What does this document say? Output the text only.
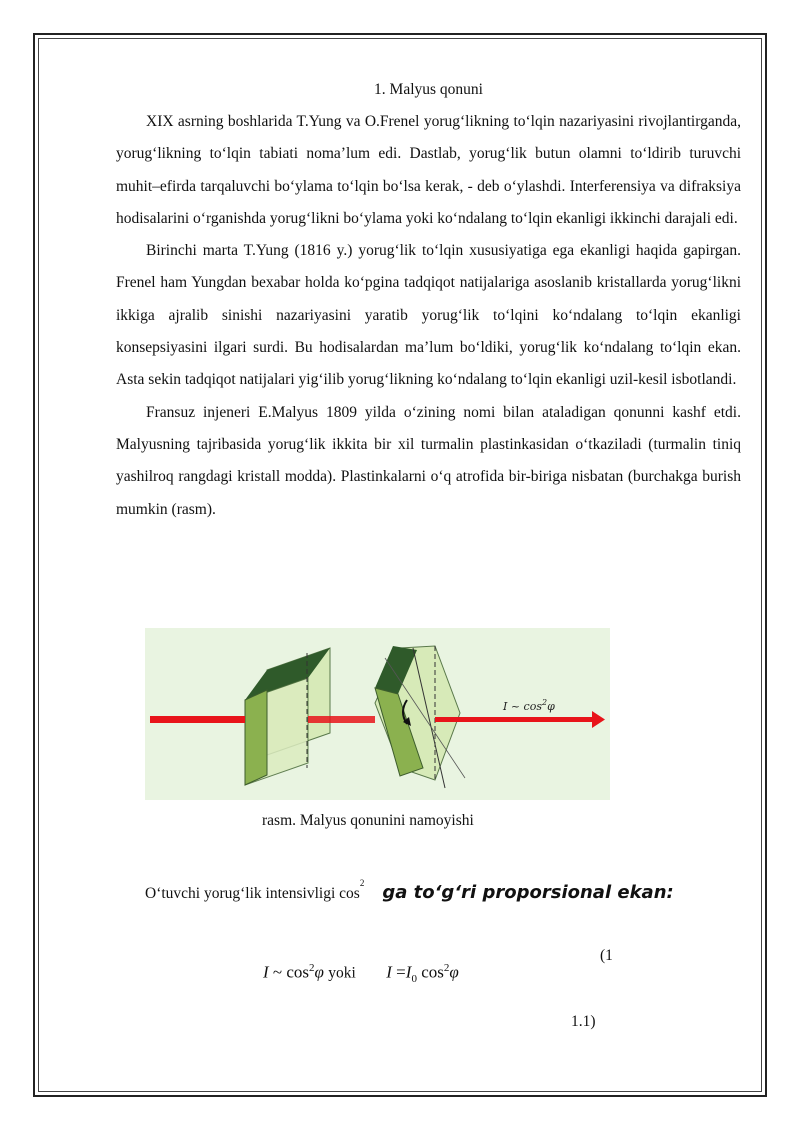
1. Malyus qonuni

XIX asrning boshlarida T.Yung va O.Frenel yorug‘likning to‘lqin nazariyasini rivojlantirganda, yorug‘likning to‘lqin tabiati noma’lum edi. Dastlab, yorug‘lik butun olamni to‘ldirib turuvchi muhit–efirda tarqaluvchi bo‘ylama to‘lqin bo‘lsa kerak, - deb o‘ylashdi. Interferensiya va difraksiya hodisalarini o‘rganishda yorug‘likni bo‘ylama yoki ko‘ndalang to‘lqin ekanligi ikkinchi darajali edi.

Birinchi marta T.Yung (1816 y.) yorug‘lik to‘lqin xususiyatiga ega ekanligi haqida gapirgan. Frenel ham Yungdan bexabar holda ko‘pgina tadqiqot natijalariga asoslanib kristallarda yorug‘likni ikkiga ajralib sinishi nazariyasini yaratib yorug‘lik to‘lqini ko‘ndalang to‘lqin ekanligi konsepsiyasini ilgari surdi. Bu hodisalardan ma’lum bo‘ldiki, yorug‘lik ko‘ndalang to‘lqin ekan. Asta sekin tadqiqot natijalari yig‘ilib yorug‘likning ko‘ndalang to‘lqin ekanligi uzil-kesil isbotlandi.

Fransuz injeneri E.Malyus 1809 yilda o‘zining nomi bilan ataladigan qonunni kashf etdi. Malyusning tajribasida yorug‘lik ikkita bir xil turmalin plastinkasidan o‘tkaziladi (turmalin tiniq yashilroq rangdagi kristall modda). Plastinkalarni o‘q atrofida bir-biriga nisbatan (burchakga burish mumkin (rasm).

I ~ $\cos^2\varphi$
rasm. Malyus qonunini namoyishi
O‘tuvchi yorug‘lik intensivligi $\cos^2$ ga to‘g‘ri proporsional ekan:
I ~ $\cos^2\varphi$ yoki $I =I_0$ $\cos^2\varphi$
(1
1.1)
